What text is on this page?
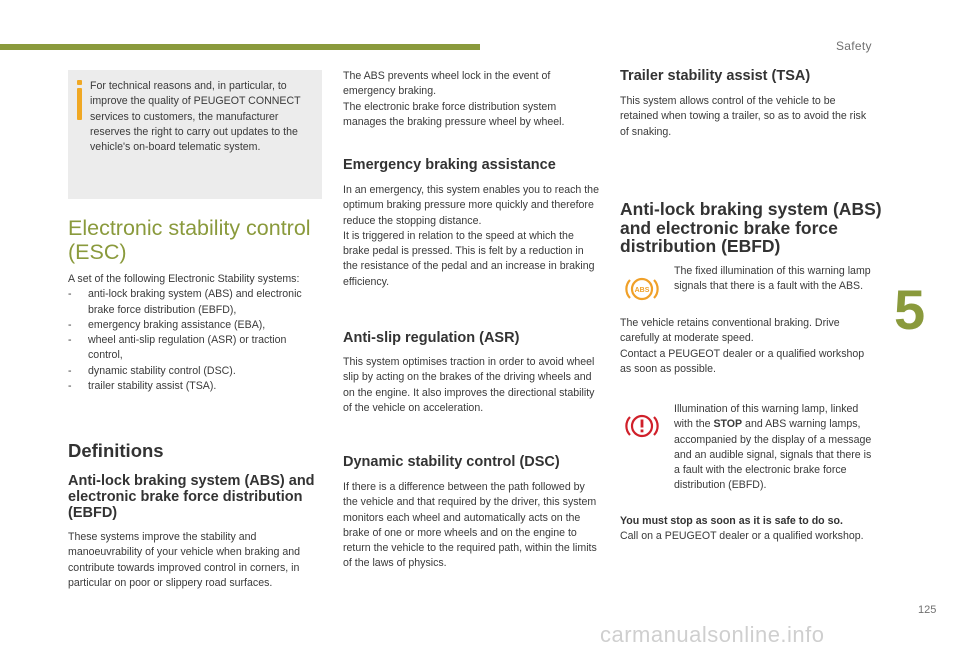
Safety
5
125
carmanualsonline.info

For technical reasons and, in particular, to improve the quality of PEUGEOT CONNECT services to customers, the manufacturer reserves the right to carry out updates to the vehicle's on-board telematic system.

Electronic stability control (ESC)

A set of the following Electronic Stability systems:

- anti-lock braking system (ABS) and electronic brake force distribution (EBFD),
- emergency braking assistance (EBA),
- wheel anti-slip regulation (ASR) or traction control,
- dynamic stability control (DSC).
- trailer stability assist (TSA).
Definitions
Anti-lock braking system (ABS) and electronic brake force distribution (EBFD)

These systems improve the stability and manoeuvrability of your vehicle when braking and contribute towards improved control in corners, in particular on poor or slippery road surfaces.

The ABS prevents wheel lock in the event of emergency braking.

The electronic brake force distribution system manages the braking pressure wheel by wheel.

Emergency braking assistance

In an emergency, this system enables you to reach the optimum braking pressure more quickly and therefore reduce the stopping distance.

It is triggered in relation to the speed at which the brake pedal is pressed. This is felt by a reduction in the resistance of the pedal and an increase in braking efficiency.

Anti-slip regulation (ASR)

This system optimises traction in order to avoid wheel slip by acting on the brakes of the driving wheels and on the engine. It also improves the directional stability of the vehicle on acceleration.

Dynamic stability control (DSC)

If there is a difference between the path followed by the vehicle and that required by the driver, this system monitors each wheel and automatically acts on the brake of one or more wheels and on the engine to return the vehicle to the required path, within the limits of the laws of physics.

Trailer stability assist (TSA)

This system allows control of the vehicle to be retained when towing a trailer, so as to avoid the risk of snaking.

Anti-lock braking system (ABS) and electronic brake force distribution (EBFD)
ABS

The fixed illumination of this warning lamp signals that there is a fault with the ABS.

The vehicle retains conventional braking. Drive carefully at moderate speed.

Contact a PEUGEOT dealer or a qualified workshop as soon as possible.

Illumination of this warning lamp, linked with the STOP and ABS warning lamps, accompanied by the display of a message and an audible signal, signals that there is a fault with the electronic brake force distribution (EBFD).

You must stop as soon as it is safe to do so.

Call on a PEUGEOT dealer or a qualified workshop.
